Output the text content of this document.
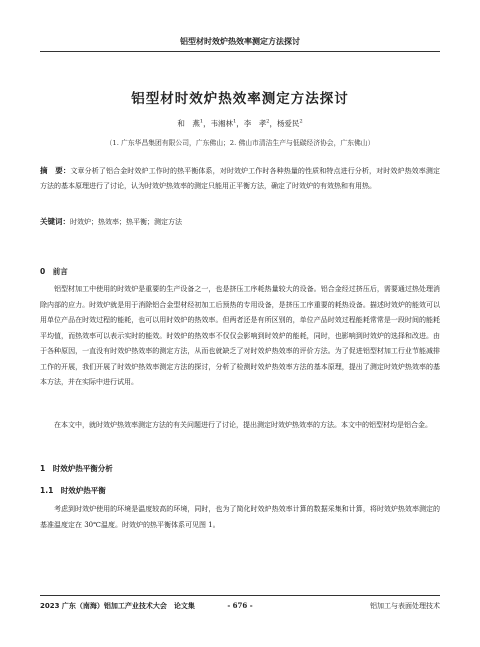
铝型材时效炉热效率测定方法探讨
铝型材时效炉热效率测定方法探讨
和　燕$^1$，韦湘林$^1$，李　孝$^2$，杨爱民$^2$
（1. 广东华昌集团有限公司，广东佛山；2. 佛山市清洁生产与低碳经济协会，广东佛山）
摘　要：文章分析了铝合金时效炉工作时的热平衡体系，对时效炉工作时各种热量的性质和特点进行分析，对时效炉热效率测定方法的基本原理进行了讨论，认为时效炉热效率的测定只能用正平衡方法，确定了时效炉的有效热和有用热。
关键词：时效炉；热效率；热平衡；测定方法
0　前言
铝型材加工中使用的时效炉是重要的生产设备之一，也是挤压工序耗热量较大的设备。铝合金经过挤压后，需要通过热处理消除内部的应力。时效炉就是用于消除铝合金型材经初加工后预热的专用设备，是挤压工序重要的耗热设备。描述时效炉的能效可以用单位产品在时效过程的能耗，也可以用时效炉的热效率。但两者还是有所区别的，单位产品时效过程能耗常常是一段时间的能耗平均值，而热效率可以表示实时的能效。时效炉的热效率不仅仅会影响到时效炉的能耗，同时，也影响到时效炉的选择和改进。由于各种原因，一直没有时效炉热效率的测定方法，从而也就缺乏了对时效炉热效率的评价方法。为了促进铝型材加工行业节能减排工作的开展，我们开展了时效炉热效率测定方法的探讨，分析了检测时效炉热效率方法的基本原理，提出了测定时效炉热效率的基本方法，并在实际中进行试用。
在本文中，就时效炉热效率测定方法的有关问题进行了讨论，提出测定时效炉热效率的方法。本文中的铝型材均是铝合金。
1　时效炉热平衡分析
1.1　时效炉热平衡
考虑到时效炉使用的环境是温度较高的环境，同时，也为了简化时效炉热效率计算的数据采集和计算，将时效炉热效率测定的基准温度定在 30℃温度。时效炉的热平衡体系可见图 1。
2023 广东（南海）铝加工产业技术大会　论文集	- 676 -	铝加工与表面处理技术
